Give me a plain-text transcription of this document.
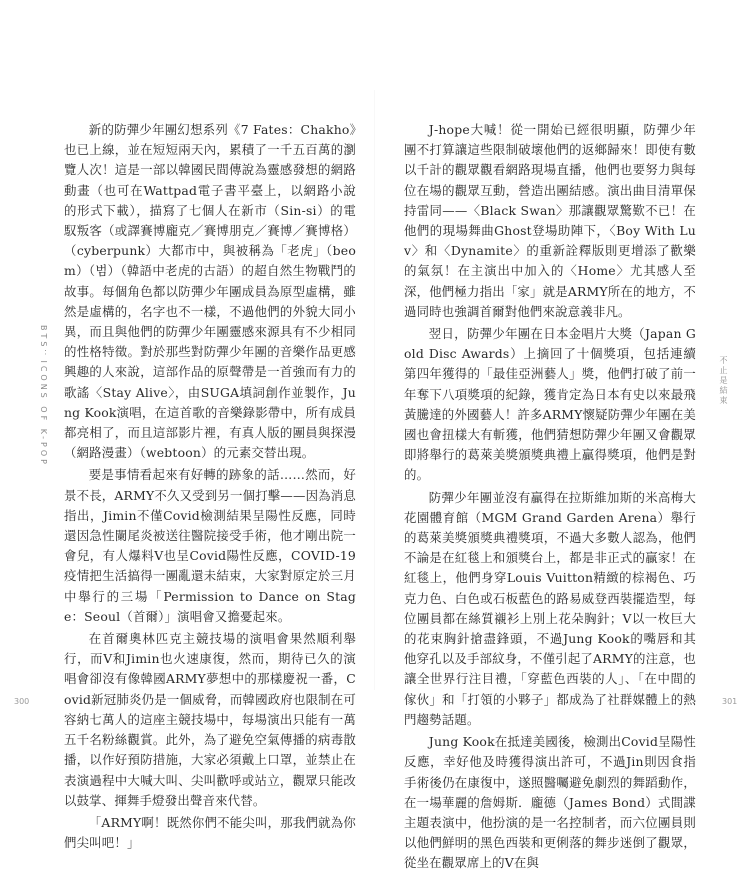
BTS：ICONS OF K-POP

新的防彈少年團幻想系列《7 Fates：Chakho》也已上線，並在短短兩天內，累積了一千五百萬的瀏覽人次！這是一部以韓國民間傳說為靈感發想的網路動畫（也可在Wattpad電子書平臺上，以網路小說的形式下載），描寫了七個人在新市（Sin-si）的電馭叛客（或譯賽博龐克／賽博朋克／賽博／賽博格）（cyberpunk）大都市中，與被稱為「老虎」（beom）（범）（韓語中老虎的古語）的超自然生物戰鬥的故事。每個角色都以防彈少年團成員為原型虛構，雖然是虛構的，名字也不一樣，不過他們的外貌大同小異，而且與他們的防彈少年團靈感來源具有不少相同的性格特徵。對於那些對防彈少年團的音樂作品更感興趣的人來說，這部作品的原聲帶是一首強而有力的歌謠〈Stay Alive〉，由SUGA填詞創作並製作，Jung Kook演唱，在這首歌的音樂錄影帶中，所有成員都亮相了，而且這部影片裡，有真人版的團員與探漫（網路漫畫）（webtoon）的元素交替出現。

要是事情看起來有好轉的跡象的話……然而，好景不長，ARMY不久又受到另一個打擊——因為消息指出，Jimin不僅Covid檢測結果呈陽性反應，同時還因急性闌尾炎被送往醫院接受手術，他才剛出院一會兒，有人爆料V也呈Covid陽性反應，COVID-19疫情把生活搞得一團亂還未結束，大家對原定於三月中舉行的三場「Permission to Dance on Stage：Seoul（首爾）」演唱會又擔憂起來。

在首爾奧林匹克主競技場的演唱會果然順利舉行，而V和Jimin也火速康復，然而，期待已久的演唱會卻沒有像韓國ARMY夢想中的那樣慶祝一番，Covid新冠肺炎仍是一個威脅，而韓國政府也限制在可容納七萬人的這座主競技場中，每場演出只能有一萬五千名粉絲觀賞。此外，為了避免空氣傳播的病毒散播，以作好預防措施，大家必須戴上口罩，並禁止在表演過程中大喊大叫、尖叫歡呼或站立，觀眾只能改以鼓掌、揮舞手燈發出聲音來代替。

「ARMY啊！既然你們不能尖叫，那我們就為你們尖叫吧！」

J-hope大喊！從一開始已經很明顯，防彈少年團不打算讓這些限制破壞他們的返鄉歸來！即使有數以千計的觀眾觀看網路現場直播，他們也要努力與每位在場的觀眾互動，營造出團結感。演出曲目清單保持雷同——〈Black Swan〉那讓觀眾驚歎不已！在他們的現場舞曲Ghost登場助陣下，〈Boy With Luv〉和〈Dynamite〉的重新詮釋版則更增添了歡樂的氣氛！在主演出中加入的〈Home〉尤其感人至深，他們極力指出「家」就是ARMY所在的地方，不過同時也強調首爾對他們來說意義非凡。

翌日，防彈少年團在日本金唱片大獎（Japan Gold Disc Awards）上摘回了十個獎項，包括連續第四年獲得的「最佳亞洲藝人」獎，他們打破了前一年奪下八項獎項的紀錄，獲肯定為日本有史以來最飛黃騰達的外國藝人！許多ARMY懷疑防彈少年團在美國也會扭樣大有斬獲，他們猜想防彈少年團又會觀眾即將舉行的葛萊美獎頒獎典禮上贏得獎項，他們是對的。

防彈少年團並沒有贏得在拉斯維加斯的米高梅大花園體育館（MGM Grand Garden Arena）舉行的葛萊美獎頒獎典禮獎項，不過大多數人認為，他們不論是在紅毯上和頒獎台上，都是非正式的贏家！在紅毯上，他們身穿Louis Vuitton精緻的棕褐色、巧克力色、白色或石板藍色的路易威登西裝擺造型，每位團員都在絲質襯衫上別上花朵胸針；V以一枚巨大的花束胸針搶盡鋒頭，不過Jung Kook的嘴唇和其他穿孔以及手部紋身，不僅引起了ARMY的注意，也讓全世界行注目禮，「穿藍色西裝的人」、「在中間的傢伙」和「打領的小夥子」都成為了社群媒體上的熱門趨勢話題。

Jung Kook在抵達美國後，檢測出Covid呈陽性反應，幸好他及時獲得演出許可，不過Jin則因食指手術後仍在康復中，遂照醫囑避免劇烈的舞蹈動作，在一場華麗的詹姆斯．龐德（James Bond）式間諜主題表演中，他扮演的是一名控制者，而六位團員則以他們鮮明的黑色西裝和更俐落的舞步迷倒了觀眾，從坐在觀眾席上的V在與

不止是結束
300	301
